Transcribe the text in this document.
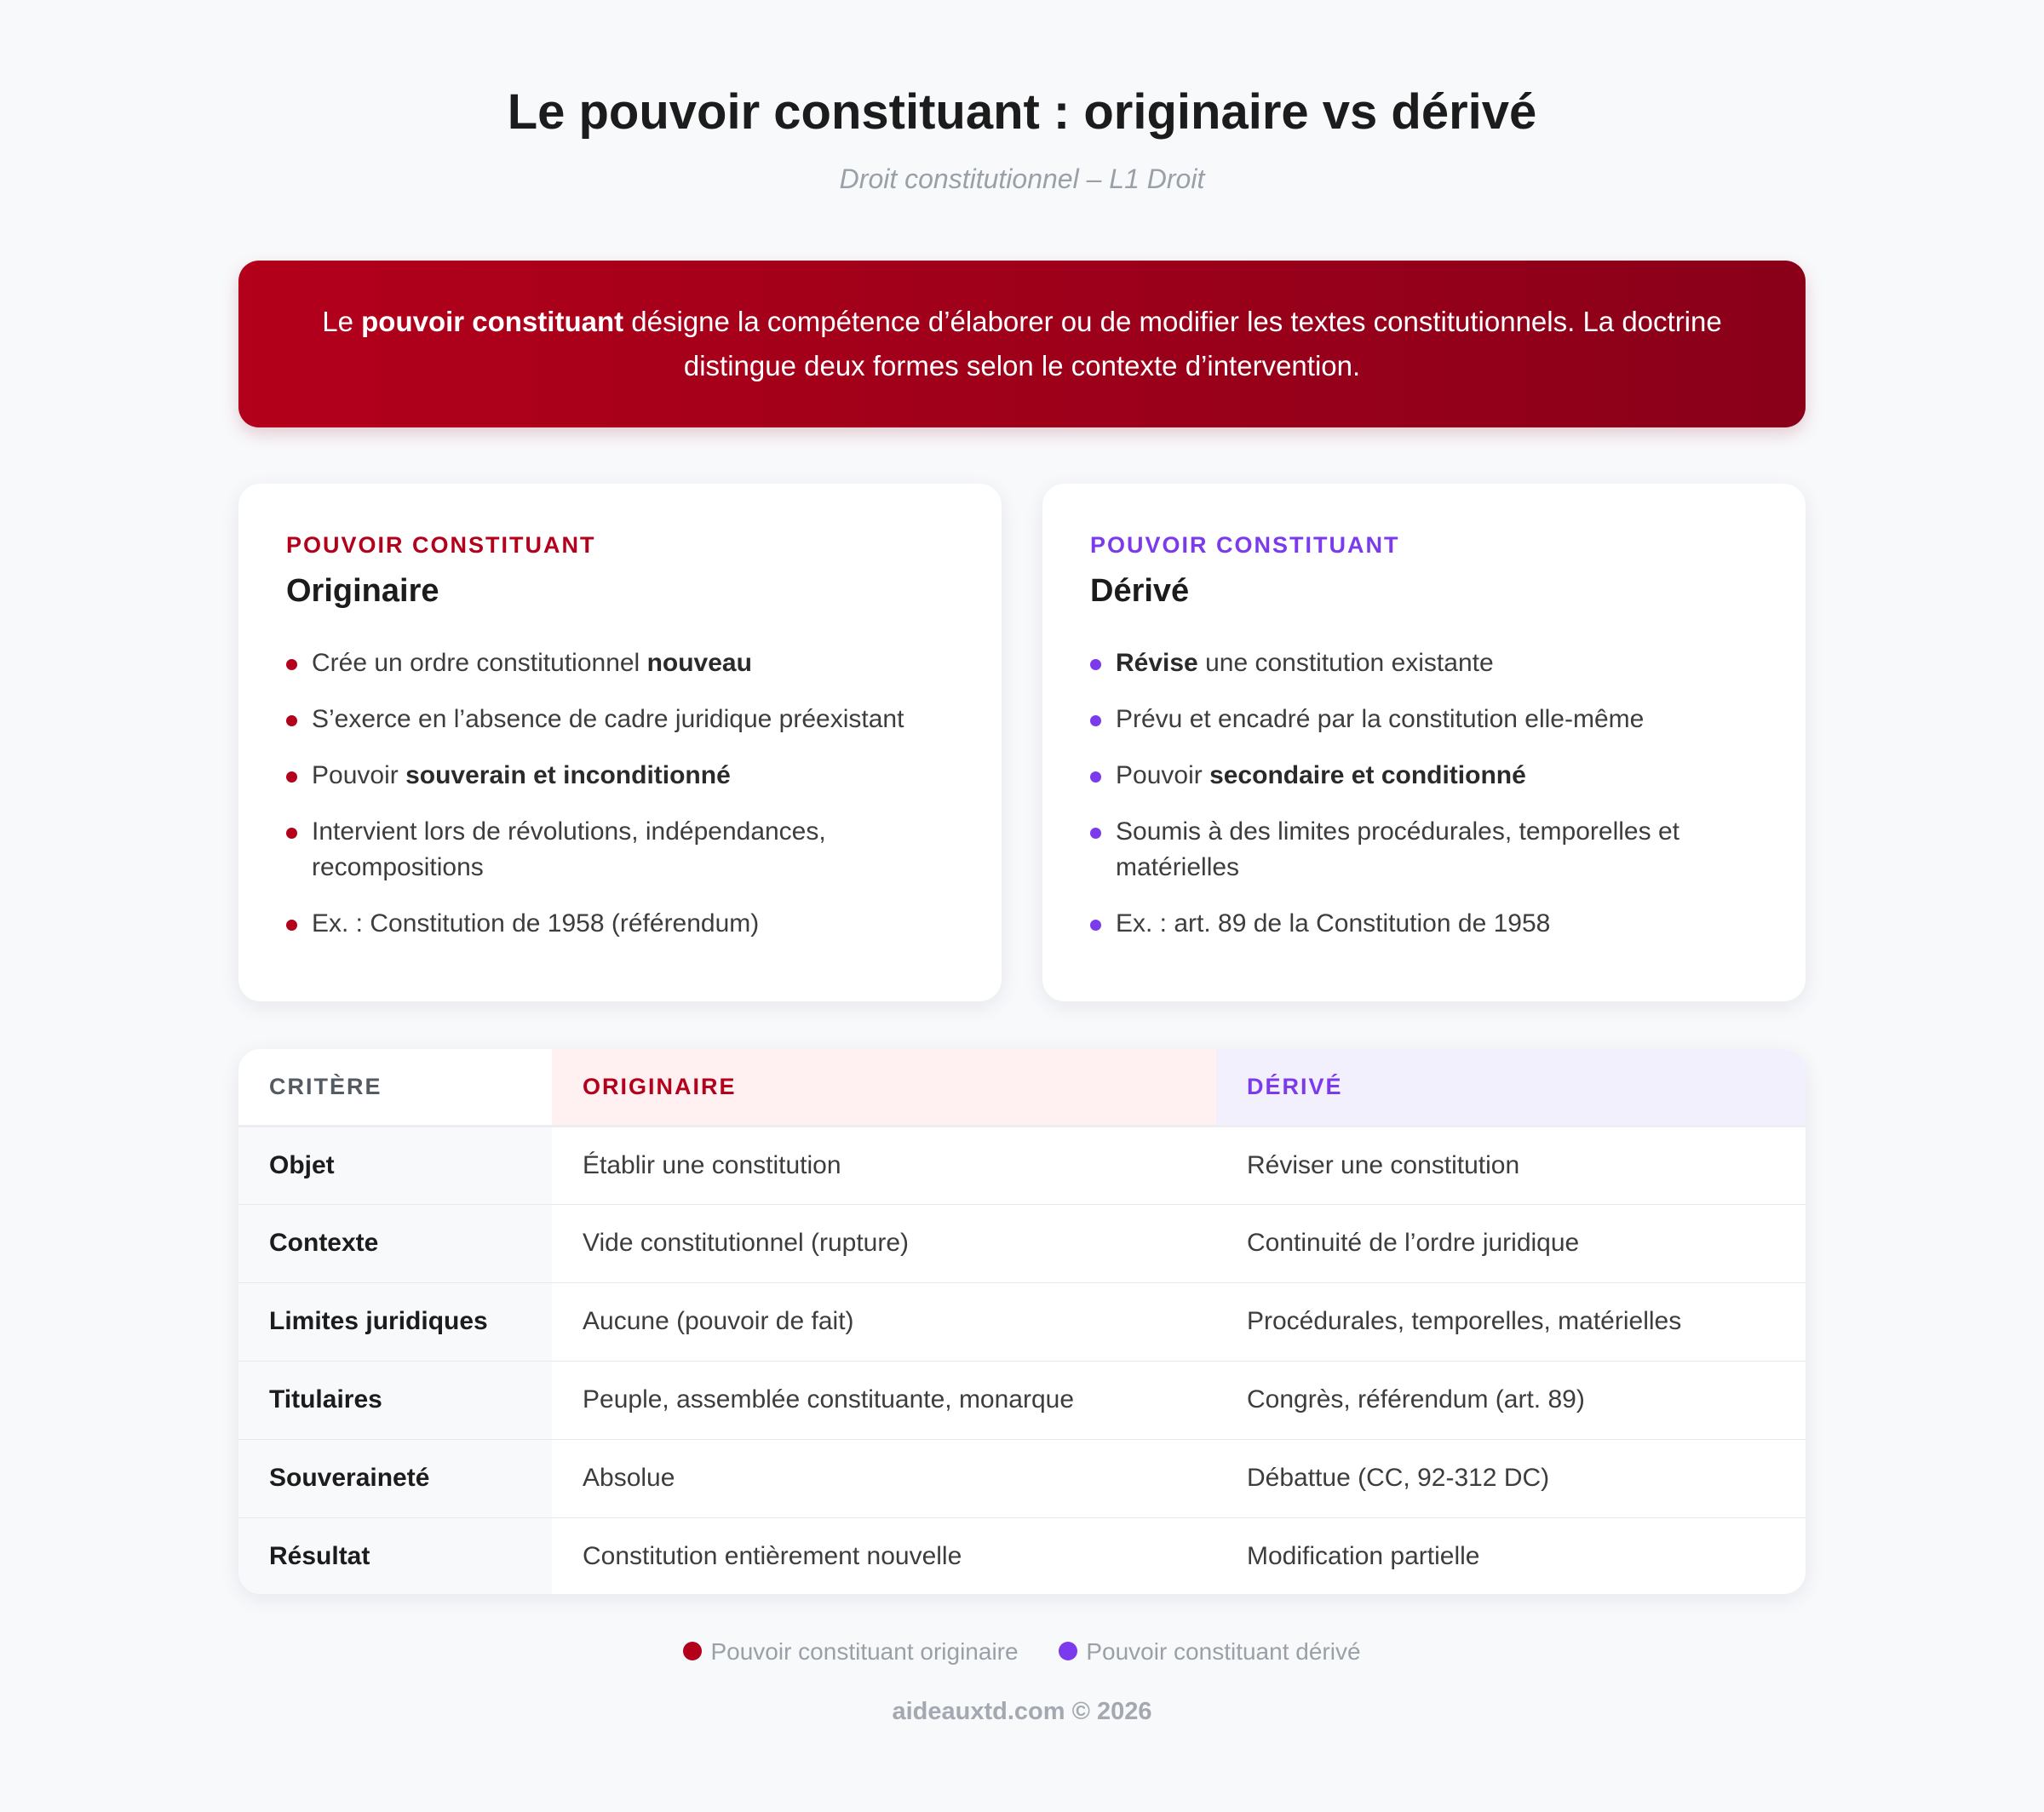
Le pouvoir constituant : originaire vs dérivé
Droit constitutionnel – L1 Droit
Le pouvoir constituant désigne la compétence d’élaborer ou de modifier les textes constitutionnels. La doctrine distingue deux formes selon le contexte d’intervention.
POUVOIR CONSTITUANT
Originaire
Crée un ordre constitutionnel nouveau
S’exerce en l’absence de cadre juridique préexistant
Pouvoir souverain et inconditionné
Intervient lors de révolutions, indépendances, recompositions
Ex. : Constitution de 1958 (référendum)
POUVOIR CONSTITUANT
Dérivé
Révise une constitution existante
Prévu et encadré par la constitution elle-même
Pouvoir secondaire et conditionné
Soumis à des limites procédurales, temporelles et matérielles
Ex. : art. 89 de la Constitution de 1958
CRITÈRE	ORIGINAIRE	DÉRIVÉ
Objet	Établir une constitution	Réviser une constitution
Contexte	Vide constitutionnel (rupture)	Continuité de l’ordre juridique
Limites juridiques	Aucune (pouvoir de fait)	Procédurales, temporelles, matérielles
Titulaires	Peuple, assemblée constituante, monarque	Congrès, référendum (art. 89)
Souveraineté	Absolue	Débattue (CC, 92-312 DC)
Résultat	Constitution entièrement nouvelle	Modification partielle
Pouvoir constituant originaire	Pouvoir constituant dérivé
aideauxtd.com © 2026
